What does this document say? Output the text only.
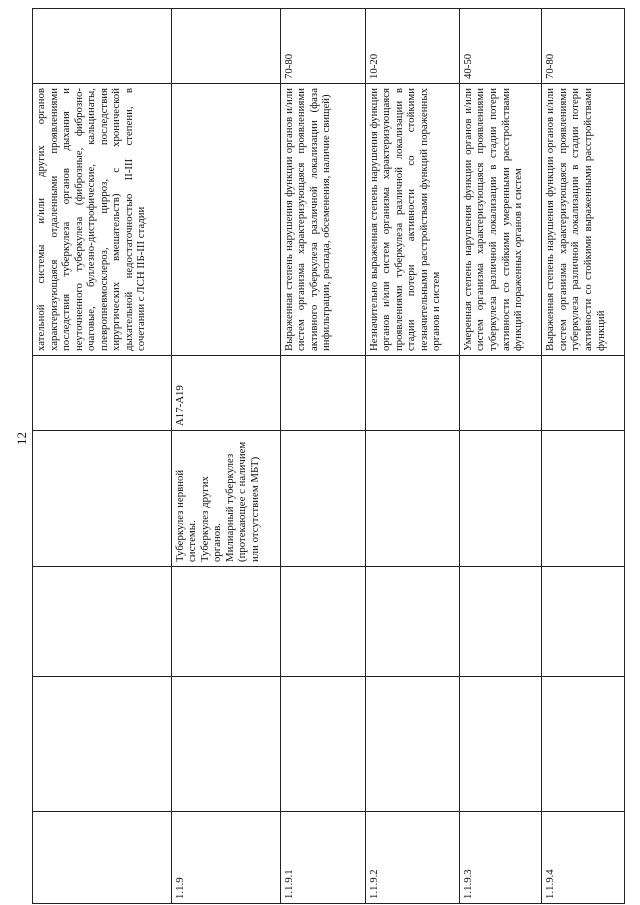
12
					хательной системы и/или других органов характеризующаяся отдаленными проявлениями последствия туберкулеза органов дыхания и неуточненного туберкулеза (фиброзные, фиброзно-очаговые, буллезно-дистрофические, кальцинаты, плевропневмосклероз, цирроз, последствия хирургических вмешательств) с хронической дыхательной недостаточностью II-III степени, в сочетании с ЛСН IIБ-III стадии	
1.1.9			Туберкулез нервной системы.
Туберкулез других органов.
Милиарный туберкулез (протекающее с наличием или отсутствием МБТ)	A17-A19		
1.1.9.1					Выраженная степень нарушения функции органов и/или систем организма характеризующаяся проявлениями активного туберкулеза различной локализации (фаза инфильтрации, распада, обсеменения, наличие свищей)	70-80
1.1.9.2					Незначительно выраженная степень нарушения функции органов и/или систем организма характеризующаяся проявлениями туберкулеза различной локализации в стадии потери активности со стойкими незначительными расстройствами функций пораженных органов и систем	10-20
1.1.9.3					Умеренная степень нарушения функции органов и/или систем организма характеризующаяся проявлениями туберкулеза различной локализации в стадии потери активности со стойкими умеренными расстройствами функций пораженных органов и систем	40-50
1.1.9.4					Выраженная степень нарушения функции органов и/или систем организма характеризующаяся проявлениями туберкулеза различной локализации в стадии потери активности со стойкими выраженными расстройствами функций	70-80
